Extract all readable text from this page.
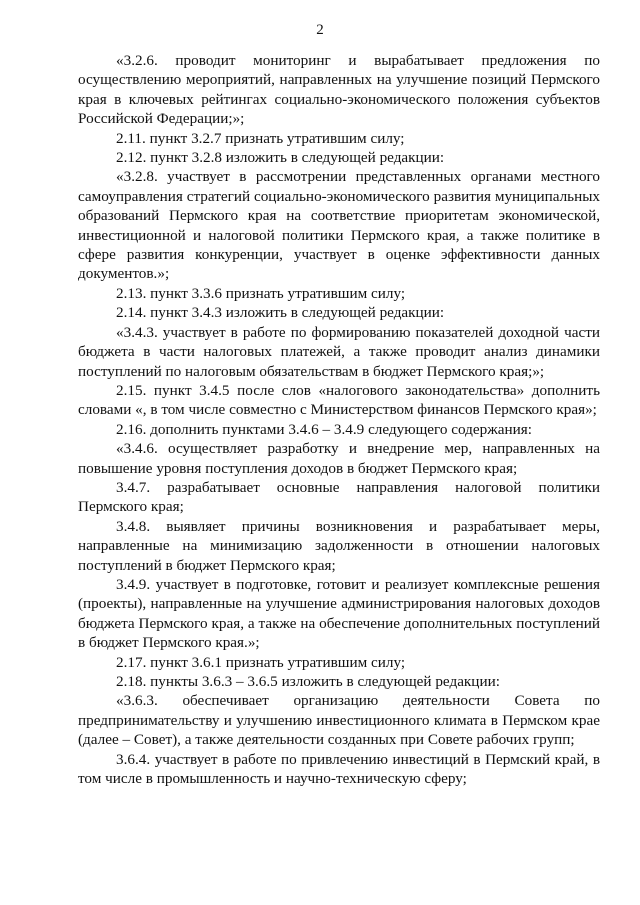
2

«3.2.6. проводит мониторинг и вырабатывает предложения по осуществлению мероприятий, направленных на улучшение позиций Пермского края в ключевых рейтингах социально-экономического положения субъектов Российской Федерации;»;

2.11. пункт 3.2.7 признать утратившим силу;

2.12. пункт 3.2.8 изложить в следующей редакции:

«3.2.8. участвует в рассмотрении представленных органами местного самоуправления стратегий социально-экономического развития муниципальных образований Пермского края на соответствие приоритетам экономической, инвестиционной и налоговой политики Пермского края, а также политике в сфере развития конкуренции, участвует в оценке эффективности данных документов.»;

2.13. пункт 3.3.6 признать утратившим силу;

2.14. пункт 3.4.3 изложить в следующей редакции:

«3.4.3. участвует в работе по формированию показателей доходной части бюджета в части налоговых платежей, а также проводит анализ динамики поступлений по налоговым обязательствам в бюджет Пермского края;»;

2.15. пункт 3.4.5 после слов «налогового законодательства» дополнить словами «, в том числе совместно с Министерством финансов Пермского края»;

2.16. дополнить пунктами 3.4.6 – 3.4.9 следующего содержания:

«3.4.6. осуществляет разработку и внедрение мер, направленных на повышение уровня поступления доходов в бюджет Пермского края;

3.4.7. разрабатывает основные направления налоговой политики Пермского края;

3.4.8. выявляет причины возникновения и разрабатывает меры, направленные на минимизацию задолженности в отношении налоговых поступлений в бюджет Пермского края;

3.4.9. участвует в подготовке, готовит и реализует комплексные решения (проекты), направленные на улучшение администрирования налоговых доходов бюджета Пермского края, а также на обеспечение дополнительных поступлений в бюджет Пермского края.»;

2.17. пункт 3.6.1 признать утратившим силу;

2.18. пункты 3.6.3 – 3.6.5 изложить в следующей редакции:

«3.6.3. обеспечивает организацию деятельности Совета по предпринимательству и улучшению инвестиционного климата в Пермском крае (далее – Совет), а также деятельности созданных при Совете рабочих групп;

3.6.4. участвует в работе по привлечению инвестиций в Пермский край, в том числе в промышленность и научно-техническую сферу;
